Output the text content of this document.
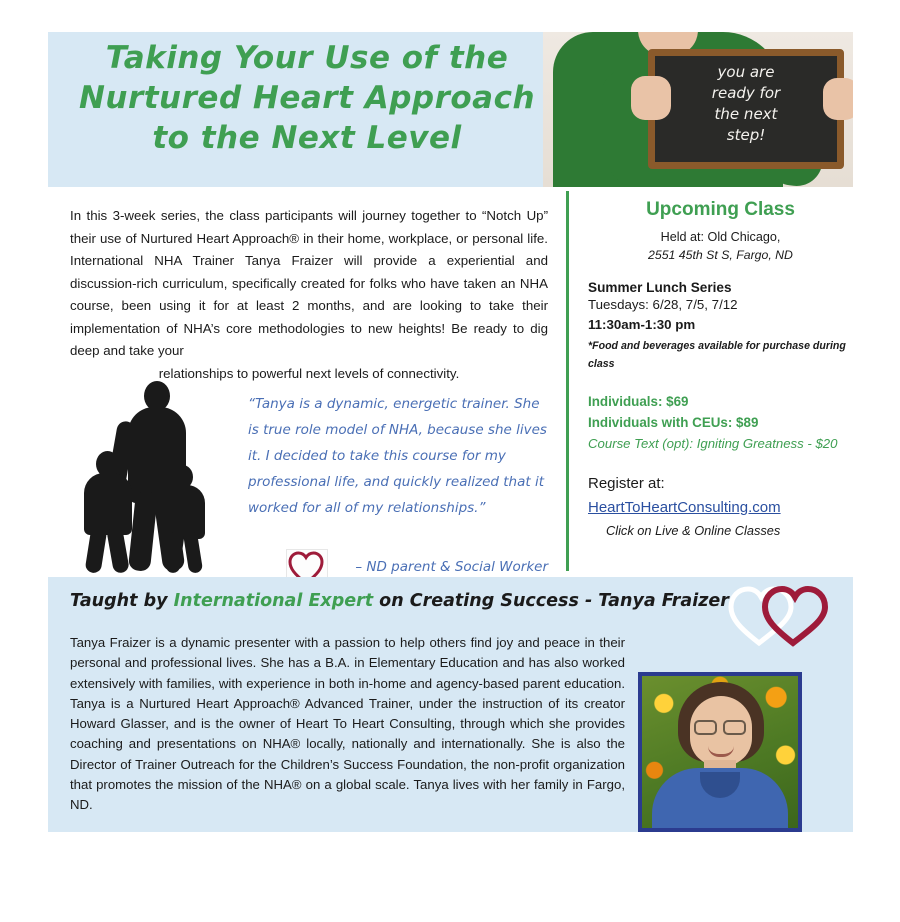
Taking Your Use of the
Nurtured Heart Approach
to the Next Level
you are
ready for
the next
step!
In this 3-week series, the class participants will journey together to “Notch Up” their use of Nurtured Heart Approach® in their home, workplace, or personal life. International NHA Trainer Tanya Fraizer will provide a experiential and discussion-rich curriculum, specifically created for folks who have taken an NHA course, been using it for at least 2 months, and are looking to take their implementation of NHA’s core methodologies to new heights! Be ready to dig deep and take your
relationships to powerful next levels of connectivity.
“Tanya is a dynamic, energetic trainer. She is true role model of NHA, because she lives it. I decided to take this course for my professional life, and quickly realized that it worked for all of my relationships.”
– ND parent & Social Worker
Upcoming Class
Held at: Old Chicago,
2551 45th St S, Fargo, ND
Summer Lunch Series
Tuesdays: 6/28, 7/5, 7/12
11:30am-1:30 pm
*Food and beverages available for purchase during class
Individuals: $69
Individuals with CEUs: $89
Course Text (opt): Igniting Greatness - $20
Register at:
HeartToHeartConsulting.com
Click on Live & Online Classes
Taught by International Expert on Creating Success - Tanya Fraizer
Tanya Fraizer is a dynamic presenter with a passion to help others find joy and peace in their personal and professional lives. She has a B.A. in Elementary Education and has also worked extensively with families, with experience in both in-home and agency-based parent education. Tanya is a Nurtured Heart Approach® Advanced Trainer, under the instruction of its creator Howard Glasser, and is the owner of Heart To Heart Consulting, through which she provides coaching and presentations on NHA® locally, nationally and internationally. She is also the Director of Trainer Outreach for the Children’s Success Foundation, the non-profit organization that promotes the mission of the NHA® on a global scale. Tanya lives with her family in Fargo, ND.
